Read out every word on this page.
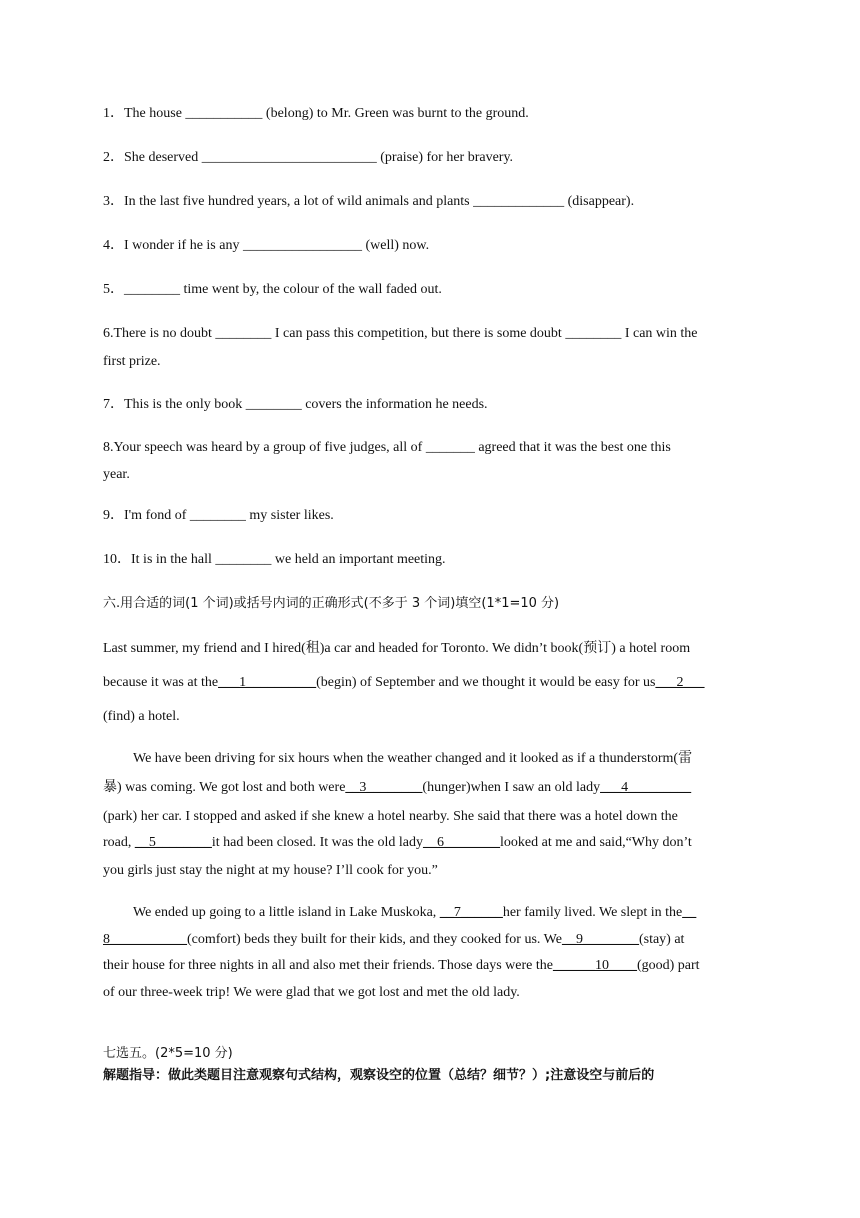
1．The house ___________ (belong) to Mr. Green was burnt to the ground.
2．She deserved _________________________ (praise) for her bravery.
3．In the last five hundred years, a lot of wild animals and plants _____________ (disappear).
4．I wonder if he is any _________________ (well) now.
5．________ time went by, the colour of the wall faded out.
6.There is no doubt ________ I can pass this competition, but there is some doubt ________ I can win the
first prize.
7．This is the only book ________ covers the information he needs.
8.Your speech was heard by a group of five judges, all of _______ agreed that it was the best one this
year.
9．I'm fond of ________ my sister likes.
10．It is in the hall ________ we held an important meeting.
六.用合适的词(1 个词)或括号内词的正确形式(不多于 3 个词)填空(1*1=10 分)
Last summer, my friend and I hired(租)a car and headed for Toronto. We didn’t book(预订) a hotel room
because it was at the___1__________(begin) of September and we thought it would be easy for us___2___
(find) a hotel.
We have been driving for six hours when the weather changed and it looked as if a thunderstorm(雷
暴) was coming. We got lost and both were__3________(hunger)when I saw an old lady___4_________
(park) her car. I stopped and asked if she knew a hotel nearby. She said that there was a hotel down the
road, __5________it had been closed. It was the old lady__6________looked at me and said,“Why don’t
you girls just stay the night at my house? I’ll cook for you.”
We ended up going to a little island in Lake Muskoka, __7______her family lived. We slept in the__
8___________(comfort) beds they built for their kids, and they cooked for us. We__9________(stay) at
their house for three nights in all and also met their friends. Those days were the______10____(good) part
of our three-week trip! We were glad that we got lost and met the old lady.
七选五。(2*5=10 分)
解题指导：做此类题目注意观察句式结构，观察设空的位置（总结？细节？）;注意设空与前后的
